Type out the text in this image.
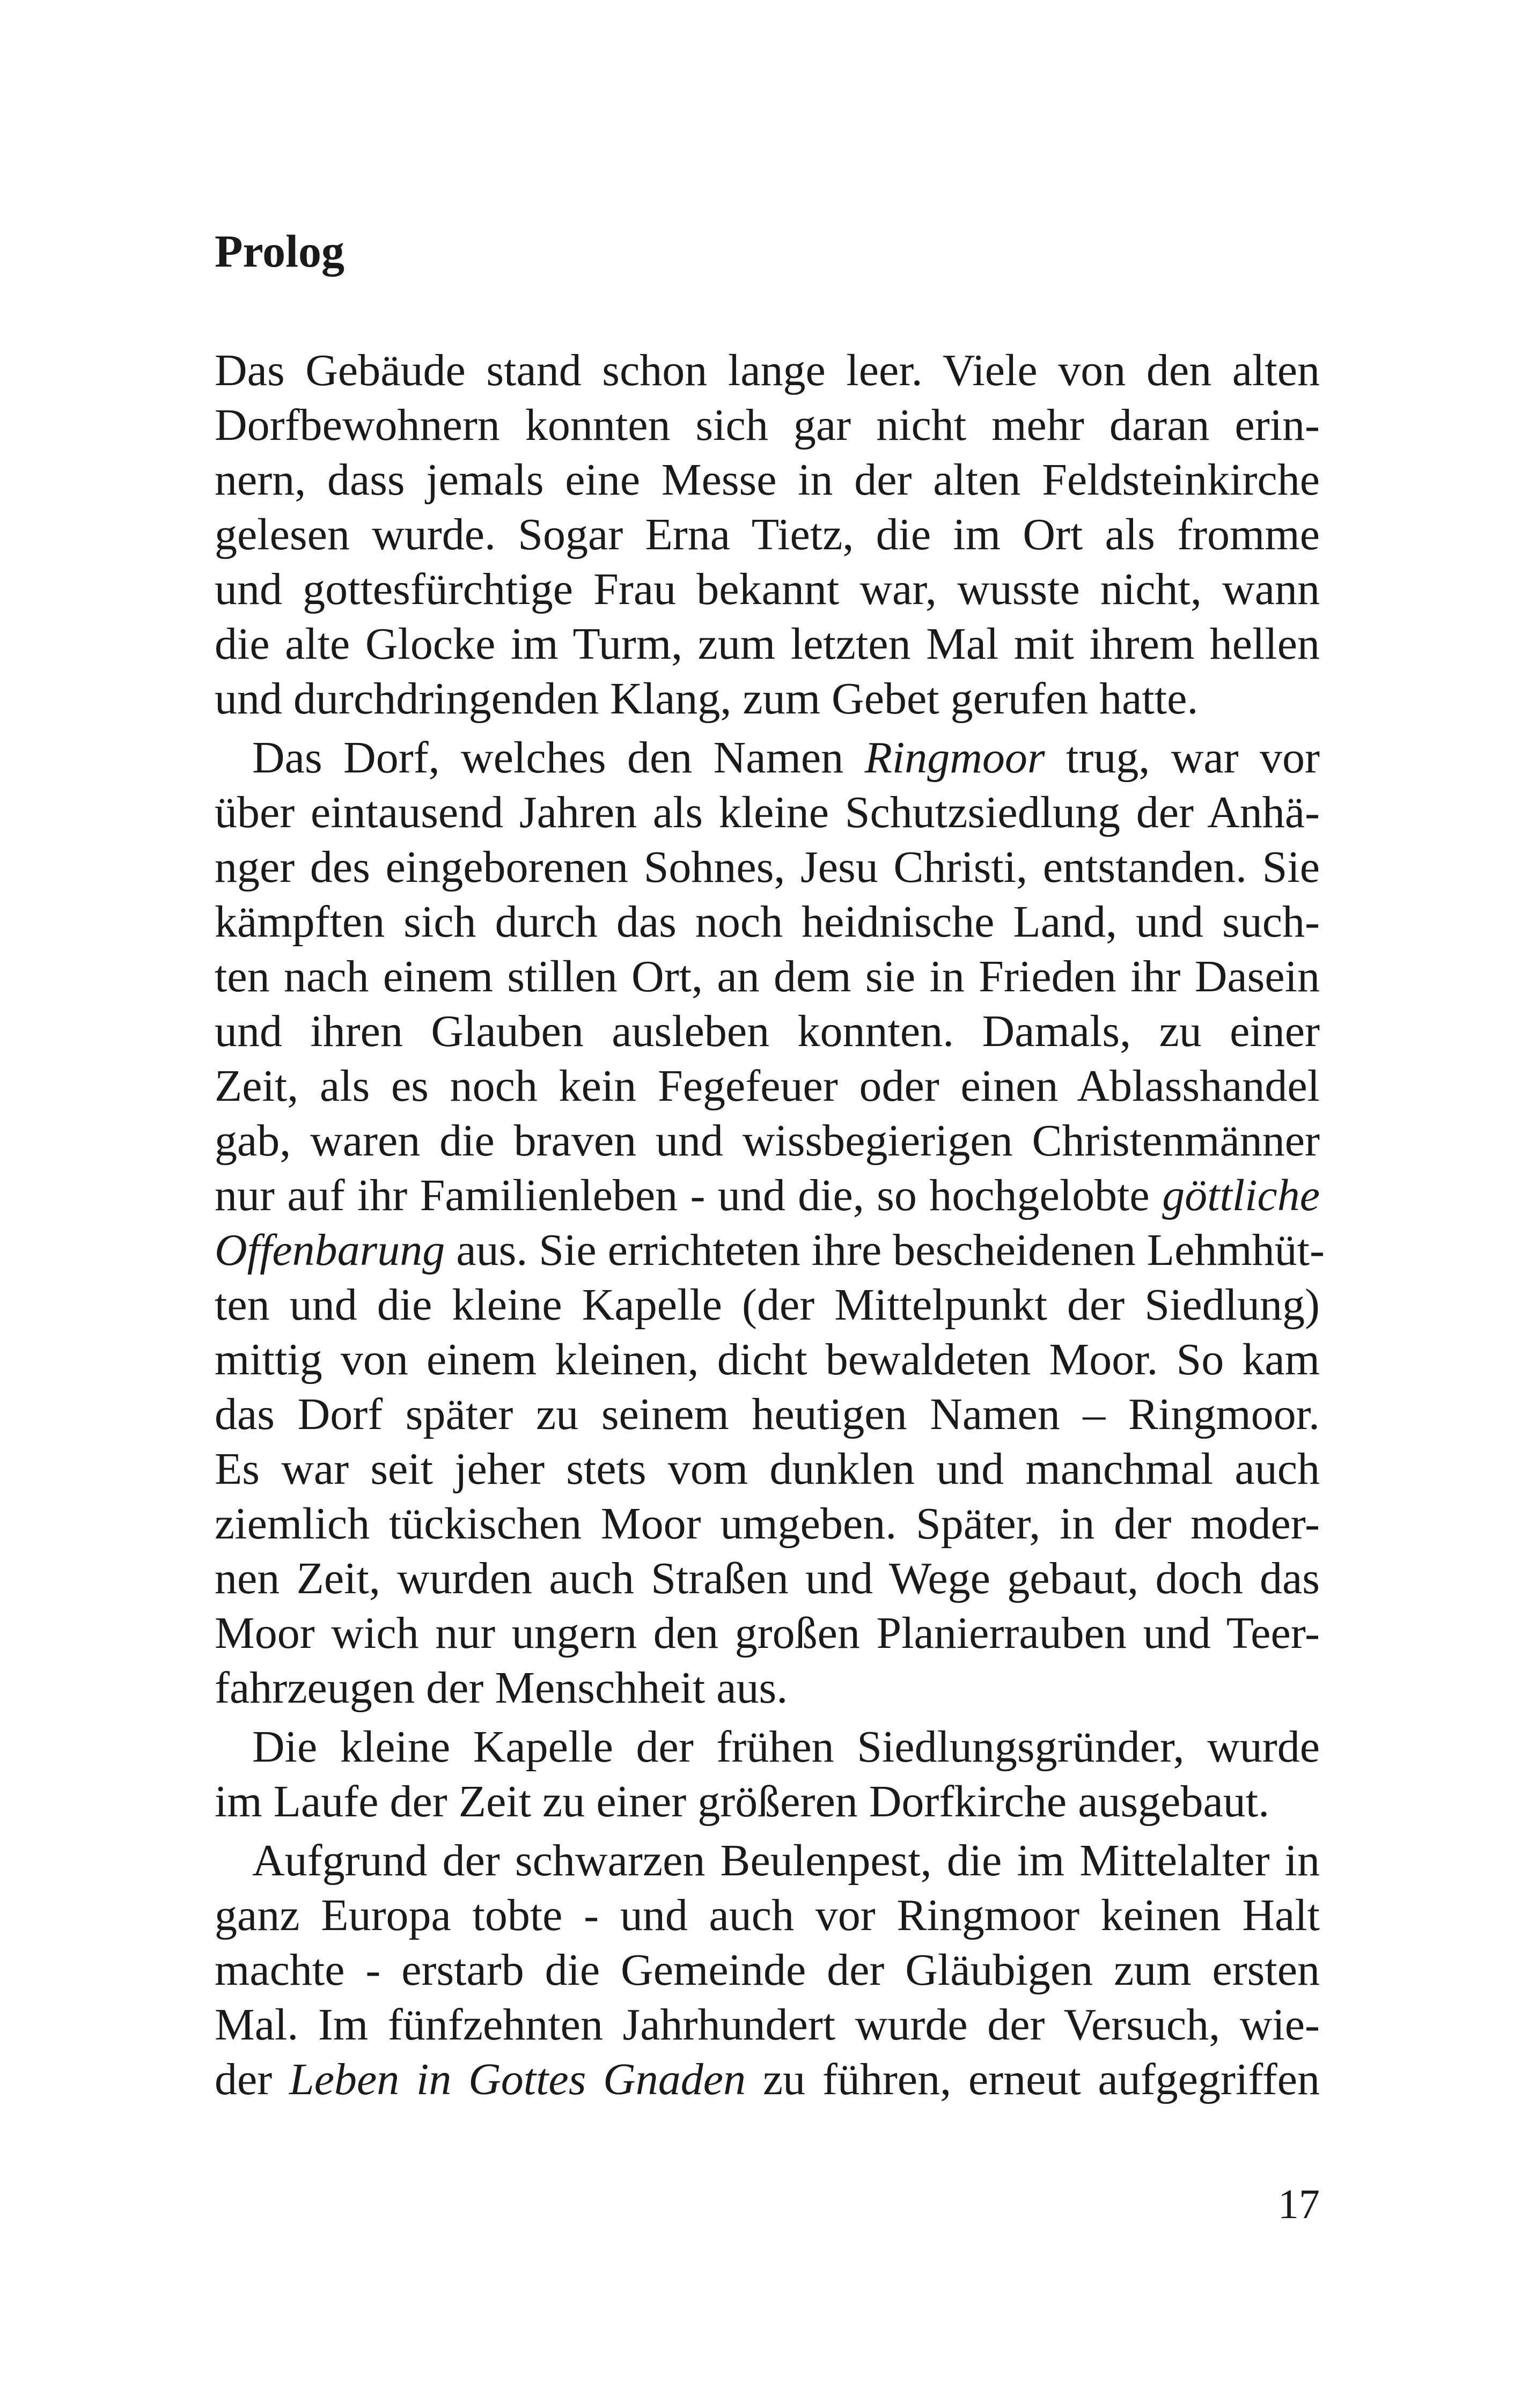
Prolog
Das Gebäude stand schon lange leer. Viele von den alten
Dorfbewohnern konnten sich gar nicht mehr daran erin-
nern, dass jemals eine Messe in der alten Feldsteinkirche
gelesen wurde. Sogar Erna Tietz, die im Ort als fromme
und gottesfürchtige Frau bekannt war, wusste nicht, wann
die alte Glocke im Turm, zum letzten Mal mit ihrem hellen
und durchdringenden Klang, zum Gebet gerufen hatte.
Das Dorf, welches den Namen Ringmoor trug, war vor
über eintausend Jahren als kleine Schutzsiedlung der Anhä-
nger des eingeborenen Sohnes, Jesu Christi, entstanden. Sie
kämpften sich durch das noch heidnische Land, und such-
ten nach einem stillen Ort, an dem sie in Frieden ihr Dasein
und ihren Glauben ausleben konnten. Damals, zu einer
Zeit, als es noch kein Fegefeuer oder einen Ablasshandel
gab, waren die braven und wissbegierigen Christenmänner
nur auf ihr Familienleben - und die, so hochgelobte göttliche
Offenbarung aus. Sie errichteten ihre bescheidenen Lehmhüt-
ten und die kleine Kapelle (der Mittelpunkt der Siedlung)
mittig von einem kleinen, dicht bewaldeten Moor. So kam
das Dorf später zu seinem heutigen Namen – Ringmoor.
Es war seit jeher stets vom dunklen und manchmal auch
ziemlich tückischen Moor umgeben. Später, in der moder-
nen Zeit, wurden auch Straßen und Wege gebaut, doch das
Moor wich nur ungern den großen Planierrauben und Teer-
fahrzeugen der Menschheit aus.
Die kleine Kapelle der frühen Siedlungsgründer, wurde
im Laufe der Zeit zu einer größeren Dorfkirche ausgebaut.
Aufgrund der schwarzen Beulenpest, die im Mittelalter in
ganz Europa tobte - und auch vor Ringmoor keinen Halt
machte - erstarb die Gemeinde der Gläubigen zum ersten
Mal. Im fünfzehnten Jahrhundert wurde der Versuch, wie-
der Leben in Gottes Gnaden zu führen, erneut aufgegriffen
17
